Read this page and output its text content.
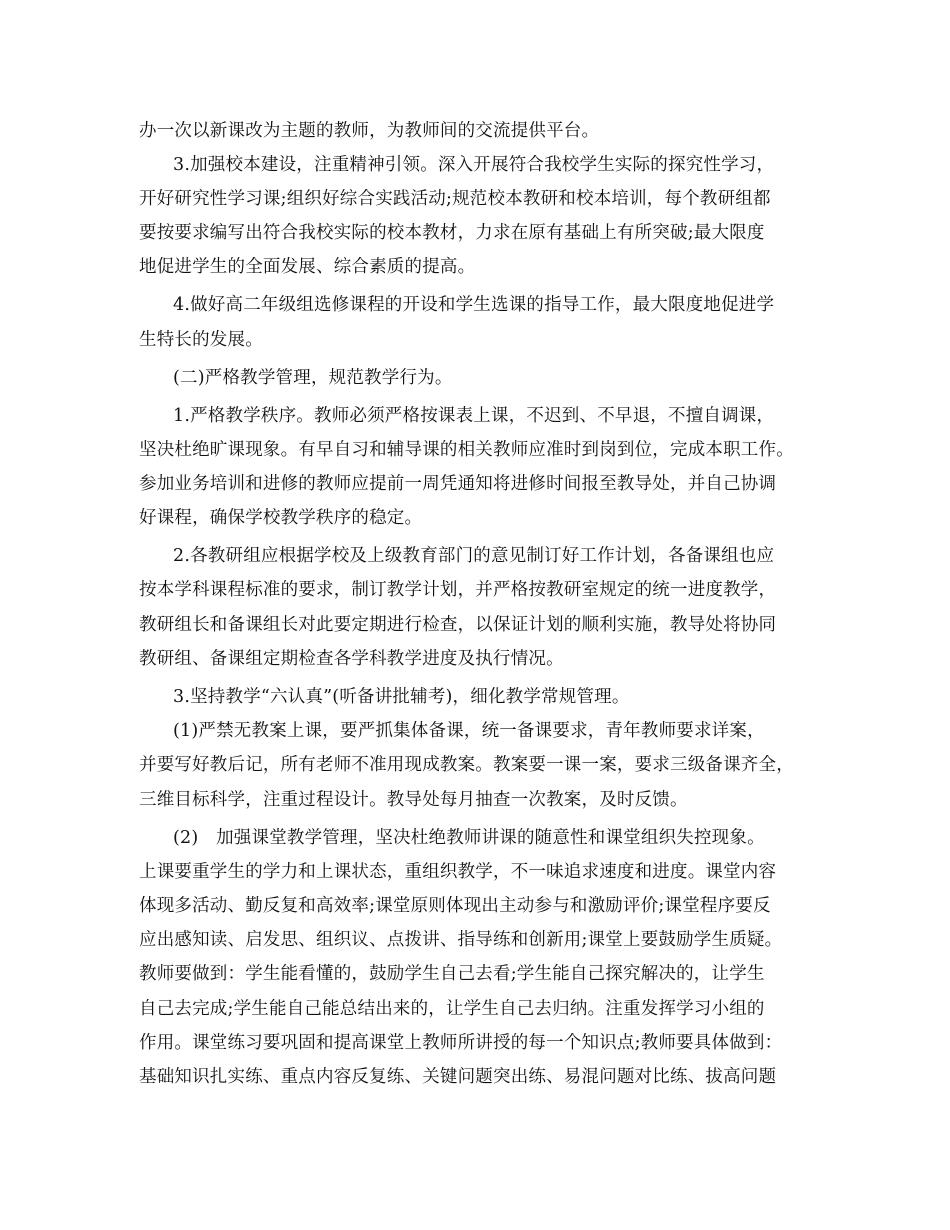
办一次以新课改为主题的教师，为教师间的交流提供平台。
3.加强校本建设，注重精神引领。深入开展符合我校学生实际的探究性学习，
开好研究性学习课;组织好综合实践活动;规范校本教研和校本培训，每个教研组都
要按要求编写出符合我校实际的校本教材，力求在原有基础上有所突破;最大限度
地促进学生的全面发展、综合素质的提高。
4.做好高二年级组选修课程的开设和学生选课的指导工作，最大限度地促进学
生特长的发展。
(二)严格教学管理，规范教学行为。
1.严格教学秩序。教师必须严格按课表上课，不迟到、不早退，不擅自调课，
坚决杜绝旷课现象。有早自习和辅导课的相关教师应准时到岗到位，完成本职工作。
参加业务培训和进修的教师应提前一周凭通知将进修时间报至教导处，并自己协调
好课程，确保学校教学秩序的稳定。
2.各教研组应根据学校及上级教育部门的意见制订好工作计划，各备课组也应
按本学科课程标准的要求，制订教学计划，并严格按教研室规定的统一进度教学，
教研组长和备课组长对此要定期进行检查，以保证计划的顺利实施，教导处将协同
教研组、备课组定期检查各学科教学进度及执行情况。
3.坚持教学“六认真”(听备讲批辅考)，细化教学常规管理。
(1)严禁无教案上课，要严抓集体备课，统一备课要求，青年教师要求详案，
并要写好教后记，所有老师不准用现成教案。教案要一课一案，要求三级备课齐全，
三维目标科学，注重过程设计。教导处每月抽查一次教案，及时反馈。
(2)　加强课堂教学管理，坚决杜绝教师讲课的随意性和课堂组织失控现象。
上课要重学生的学力和上课状态，重组织教学，不一味追求速度和进度。课堂内容
体现多活动、勤反复和高效率;课堂原则体现出主动参与和激励评价;课堂程序要反
应出感知读、启发思、组织议、点拨讲、指导练和创新用;课堂上要鼓励学生质疑。
教师要做到：学生能看懂的，鼓励学生自己去看;学生能自己探究解决的，让学生
自己去完成;学生能自己能总结出来的，让学生自己去归纳。注重发挥学习小组的
作用。课堂练习要巩固和提高课堂上教师所讲授的每一个知识点;教师要具体做到：
基础知识扎实练、重点内容反复练、关键问题突出练、易混问题对比练、拔高问题
